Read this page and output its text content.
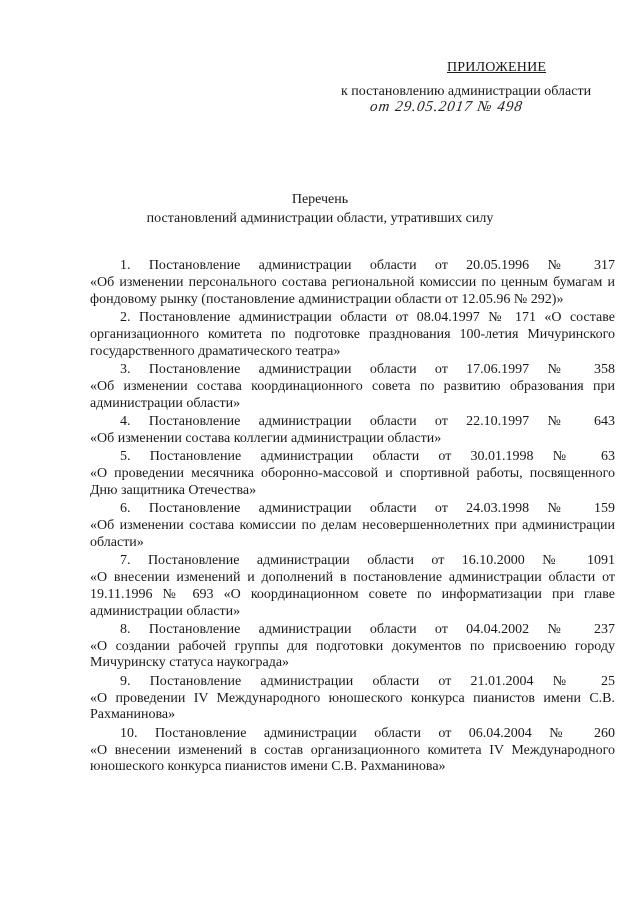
ПРИЛОЖЕНИЕ
к постановлению администрации области
от 29.05.2017 № 498
Перечень
постановлений администрации области, утративших силу
1. Постановление администрации области от 20.05.1996 № 317
«Об изменении персонального состава региональной комиссии по ценным бумагам и фондовому рынку (постановление администрации области от 12.05.96 № 292)»
2. Постановление администрации области от 08.04.1997 № 171 «О составе
организационного комитета по подготовке празднования 100-летия Мичуринского государственного драматического театра»
3. Постановление администрации области от 17.06.1997 № 358
«Об изменении состава координационного совета по развитию образования при администрации области»
4. Постановление администрации области от 22.10.1997 № 643
«Об изменении состава коллегии администрации области»
5. Постановление администрации области от 30.01.1998 № 63
«О проведении месячника оборонно-массовой и спортивной работы, посвященного Дню защитника Отечества»
6. Постановление администрации области от 24.03.1998 № 159
«Об изменении состава комиссии по делам несовершеннолетних при администрации области»
7. Постановление администрации области от 16.10.2000 № 1091
«О внесении изменений и дополнений в постановление администрации области от 19.11.1996 № 693 «О координационном совете по информатизации при главе администрации области»
8. Постановление администрации области от 04.04.2002 № 237
«О создании рабочей группы для подготовки документов по присвоению городу Мичуринску статуса наукограда»
9. Постановление администрации области от 21.01.2004 № 25
«О проведении IV Международного юношеского конкурса пианистов имени С.В. Рахманинова»
10. Постановление администрации области от 06.04.2004 № 260
«О внесении изменений в состав организационного комитета IV Международного юношеского конкурса пианистов имени С.В. Рахманинова»
